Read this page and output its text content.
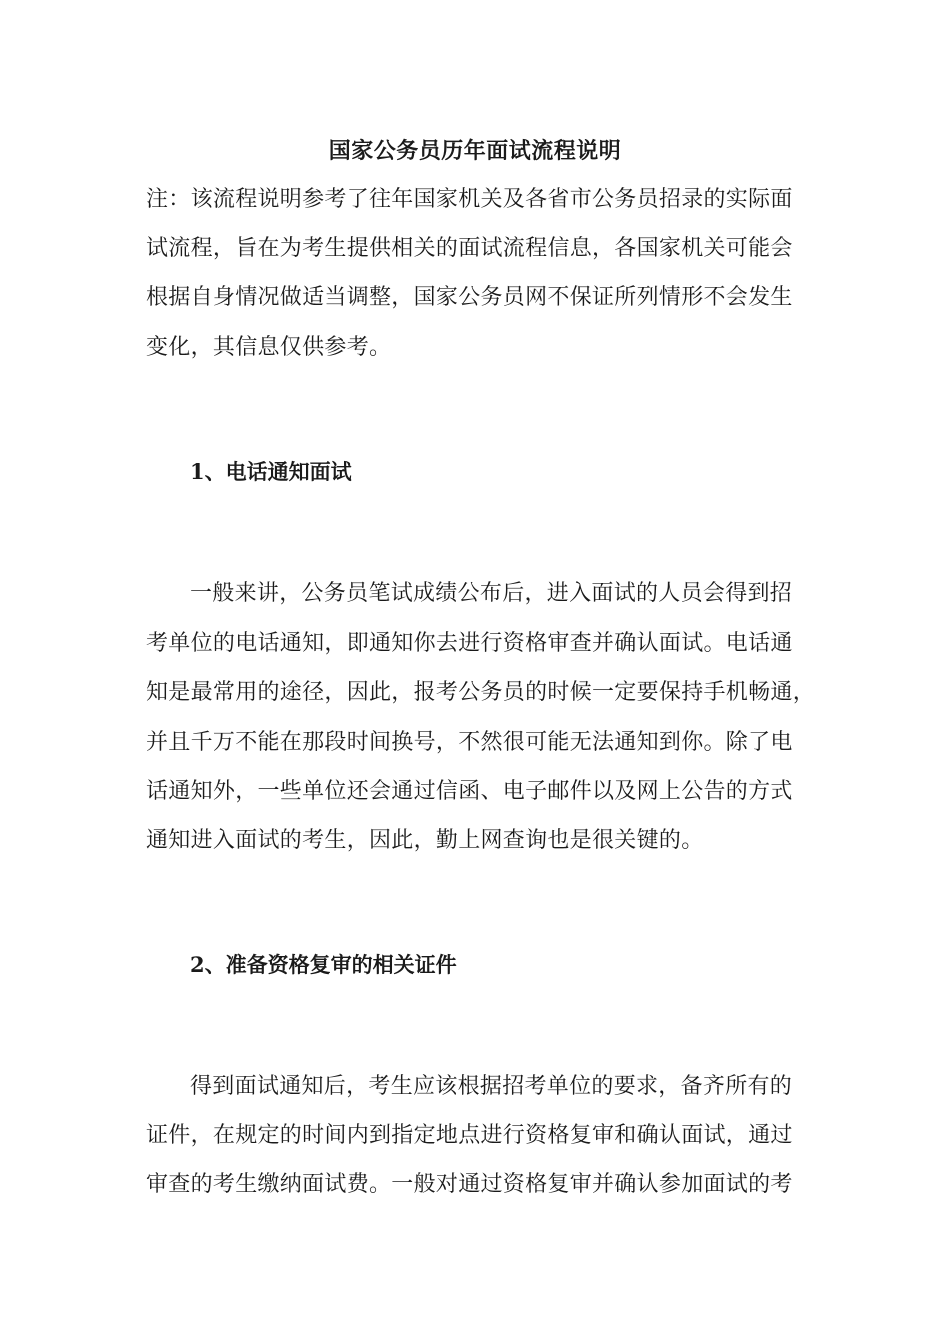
国家公务员历年面试流程说明
注：该流程说明参考了往年国家机关及各省市公务员招录的实际面
试流程，旨在为考生提供相关的面试流程信息，各国家机关可能会
根据自身情况做适当调整，国家公务员网不保证所列情形不会发生
变化，其信息仅供参考。
1、电话通知面试
一般来讲，公务员笔试成绩公布后，进入面试的人员会得到招
考单位的电话通知，即通知你去进行资格审查并确认面试。电话通
知是最常用的途径，因此，报考公务员的时候一定要保持手机畅通，
并且千万不能在那段时间换号，不然很可能无法通知到你。除了电
话通知外，一些单位还会通过信函、电子邮件以及网上公告的方式
通知进入面试的考生，因此，勤上网查询也是很关键的。
2、准备资格复审的相关证件
得到面试通知后，考生应该根据招考单位的要求，备齐所有的
证件，在规定的时间内到指定地点进行资格复审和确认面试，通过
审查的考生缴纳面试费。一般对通过资格复审并确认参加面试的考
